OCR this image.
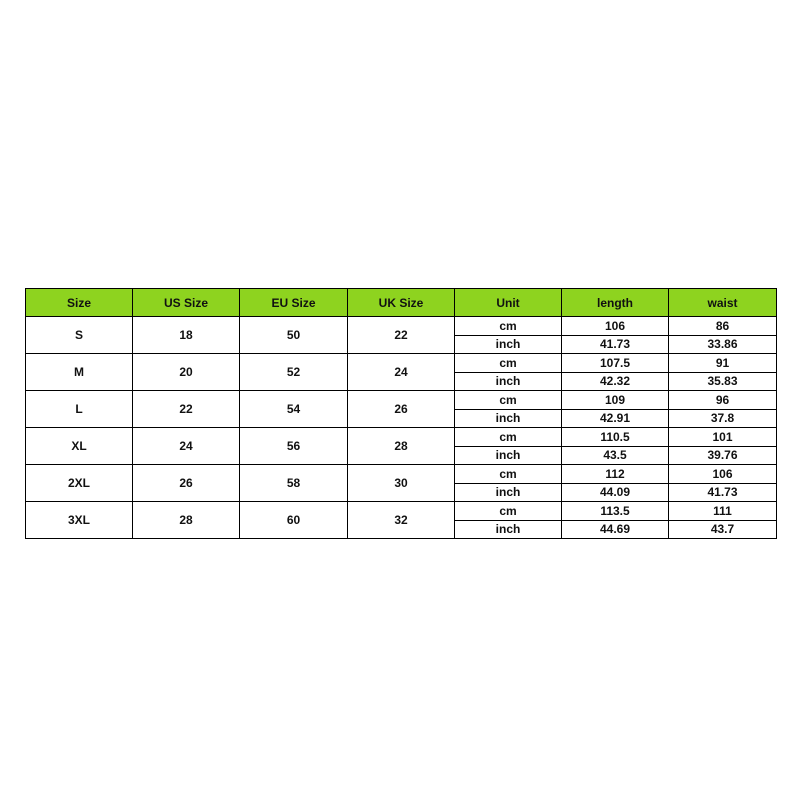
Size	US Size	EU Size	UK Size	Unit	length	waist
S	18	50	22	cm	106	86
				inch	41.73	33.86
M	20	52	24	cm	107.5	91
				inch	42.32	35.83
L	22	54	26	cm	109	96
				inch	42.91	37.8
XL	24	56	28	cm	110.5	101
				inch	43.5	39.76
2XL	26	58	30	cm	112	106
				inch	44.09	41.73
3XL	28	60	32	cm	113.5	111
				inch	44.69	43.7
